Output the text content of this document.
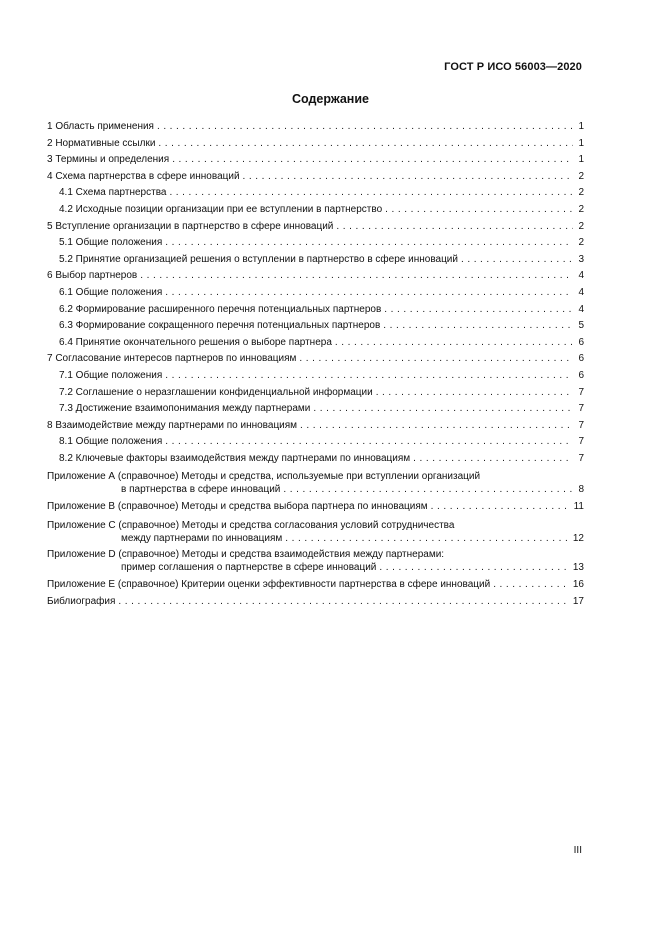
ГОСТ Р ИСО 56003—2020
Содержание
1 Область применения . . .	1
2 Нормативные ссылки . . .	1
3 Термины и определения . . .	1
4 Схема партнерства в сфере инноваций . . .	2
4.1 Схема партнерства . . .	2
4.2 Исходные позиции организации при ее вступлении в партнерство . . .	2
5 Вступление организации в партнерство в сфере инноваций . . .	2
5.1 Общие положения . . .	2
5.2 Принятие организацией решения о вступлении в партнерство в сфере инноваций . . .	3
6 Выбор партнеров . . .	4
6.1 Общие положения . . .	4
6.2 Формирование расширенного перечня потенциальных партнеров . . .	4
6.3 Формирование сокращенного перечня потенциальных партнеров . . .	5
6.4 Принятие окончательного решения о выборе партнера . . .	6
7 Согласование интересов партнеров по инновациям . . .	6
7.1 Общие положения . . .	6
7.2 Соглашение о неразглашении конфиденциальной информации . . .	7
7.3 Достижение взаимопонимания между партнерами . . .	7
8 Взаимодействие между партнерами по инновациям . . .	7
8.1 Общие положения . . .	7
8.2 Ключевые факторы взаимодействия между партнерами по инновациям . . .	7
Приложение А (справочное) Методы и средства, используемые при вступлении организаций
в партнерства в сфере инноваций . . .	8
Приложение В (справочное) Методы и средства выбора партнера по инновациям . . .	11
Приложение С (справочное) Методы и средства согласования условий сотрудничества
между партнерами по инновациям . . .	12
Приложение D (справочное) Методы и средства взаимодействия между партнерами:
пример соглашения о партнерстве в сфере инноваций . . .	13
Приложение Е (справочное) Критерии оценки эффективности партнерства в сфере инноваций . . .	16
Библиография . . .	17
III
